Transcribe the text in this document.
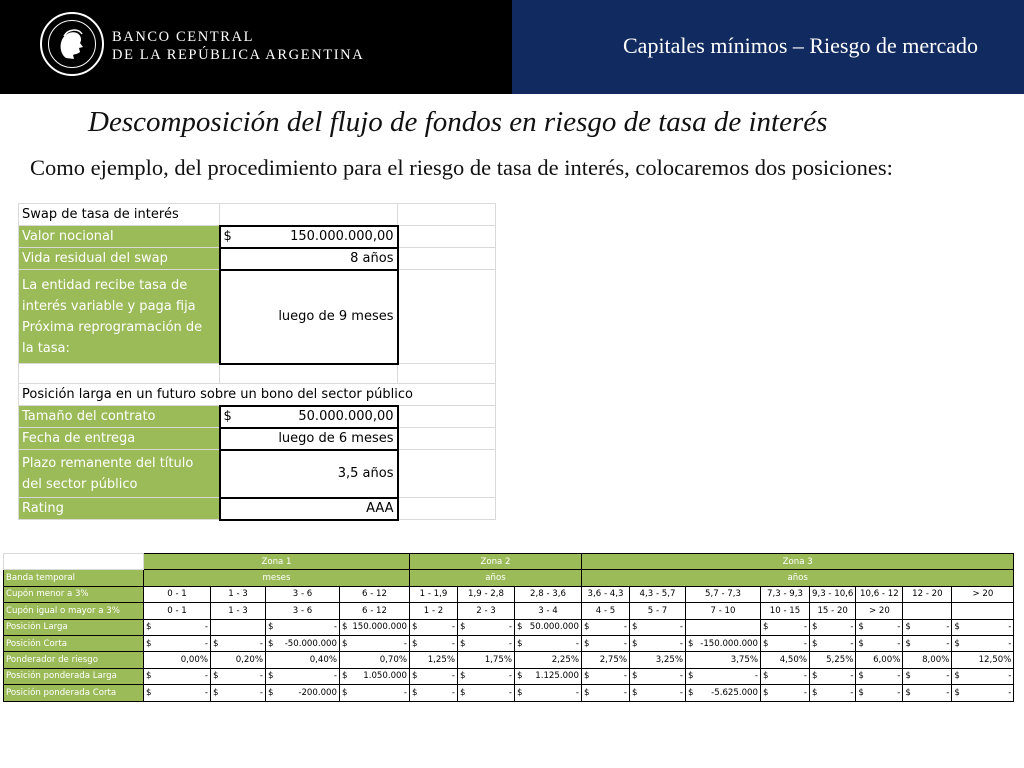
BANCO CENTRAL
DE LA REPÚBLICA ARGENTINA	Capitales mínimos – Riesgo de mercado
Descomposición del flujo de fondos en riesgo de tasa de interés
Como ejemplo, del procedimiento para el riesgo de tasa de interés, colocaremos dos posiciones:
Swap de tasa de interés		
Valor nocional	$ 150.000.000,00	

Vida residual del swap	8 años	
La entidad recibe tasa de interés variable y paga fija Próxima reprogramación de la tasa:	luego de 9 meses	

Posición larga en un futuro sobre un bono del sector público		
Tamaño del contrato	$ 50.000.000,00	

Fecha de entrega	luego de 6 meses	
Plazo remanente del título del sector público	3,5 años	
Rating	AAA	
	Zona 1				Zona 2			Zona 3							
Banda temporal	meses				años			años							
Cupón menor a 3%	0 - 1	1 - 3	3 - 6	6 - 12	1 - 1,9	1,9 - 2,8	2,8 - 3,6	3,6 - 4,3	4,3 - 5,7	5,7 - 7,3	7,3 - 9,3	9,3 - 10,6	10,6 - 12	12 - 20	> 20
Cupón igual o mayor a 3%	0 - 1	1 - 3	3 - 6	6 - 12	1 - 2	2 - 3	3 - 4	4 - 5	5 - 7	7 - 10	10 - 15	15 - 20	> 20		
Posición Larga	$ -		$ -	$ 150.000.000	$ -	$ -	$ 50.000.000	$ -	$ -		$ -	$ -	$ -	$ -	$ -

Posición Corta	$ -	$ -	$ -50.000.000	$ -	$ -	$ -	$ -	$ -	$ -	$ -150.000.000	$ -	$ -	$ -	$ -	$ -

Ponderador de riesgo	0,00%	0,20%	0,40%	0,70%	1,25%	1,75%	2,25%	2,75%	3,25%	3,75%	4,50%	5,25%	6,00%	8,00%	12,50%
Posición ponderada Larga	$ -	$ -	$ -	$ 1.050.000	$ -	$ -	$ 1.125.000	$ -	$ -	$ -	$ -	$ -	$ -	$ -	$ -

Posición ponderada Corta	$ -	$ -	$ -200.000	$ -	$ -	$ -	$ -	$ -	$ -	$ -5.625.000	$ -	$ -	$ -	$ -	$ -
